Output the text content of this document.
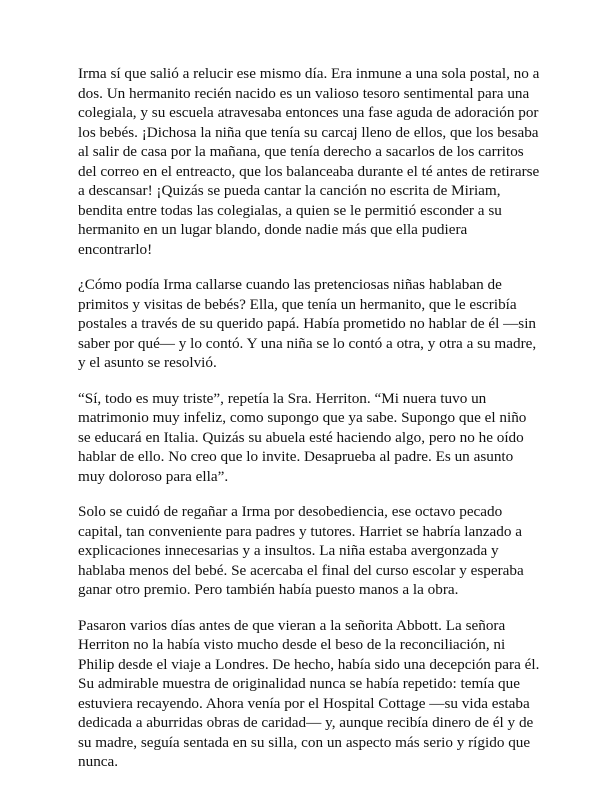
Irma sí que salió a relucir ese mismo día. Era inmune a una sola postal, no a
dos. Un hermanito recién nacido es un valioso tesoro sentimental para una
colegiala, y su escuela atravesaba entonces una fase aguda de adoración por
los bebés. ¡Dichosa la niña que tenía su carcaj lleno de ellos, que los besaba
al salir de casa por la mañana, que tenía derecho a sacarlos de los carritos
del correo en el entreacto, que los balanceaba durante el té antes de retirarse
a descansar! ¡Quizás se pueda cantar la canción no escrita de Miriam,
bendita entre todas las colegialas, a quien se le permitió esconder a su
hermanito en un lugar blando, donde nadie más que ella pudiera
encontrarlo!

¿Cómo podía Irma callarse cuando las pretenciosas niñas hablaban de
primitos y visitas de bebés? Ella, que tenía un hermanito, que le escribía
postales a través de su querido papá. Había prometido no hablar de él —sin
saber por qué— y lo contó. Y una niña se lo contó a otra, y otra a su madre,
y el asunto se resolvió.

“Sí, todo es muy triste”, repetía la Sra. Herriton. “Mi nuera tuvo un
matrimonio muy infeliz, como supongo que ya sabe. Supongo que el niño
se educará en Italia. Quizás su abuela esté haciendo algo, pero no he oído
hablar de ello. No creo que lo invite. Desaprueba al padre. Es un asunto
muy doloroso para ella”.

Solo se cuidó de regañar a Irma por desobediencia, ese octavo pecado
capital, tan conveniente para padres y tutores. Harriet se habría lanzado a
explicaciones innecesarias y a insultos. La niña estaba avergonzada y
hablaba menos del bebé. Se acercaba el final del curso escolar y esperaba
ganar otro premio. Pero también había puesto manos a la obra.

Pasaron varios días antes de que vieran a la señorita Abbott. La señora
Herriton no la había visto mucho desde el beso de la reconciliación, ni
Philip desde el viaje a Londres. De hecho, había sido una decepción para él.
Su admirable muestra de originalidad nunca se había repetido: temía que
estuviera recayendo. Ahora venía por el Hospital Cottage —su vida estaba
dedicada a aburridas obras de caridad— y, aunque recibía dinero de él y de
su madre, seguía sentada en su silla, con un aspecto más serio y rígido que
nunca.
